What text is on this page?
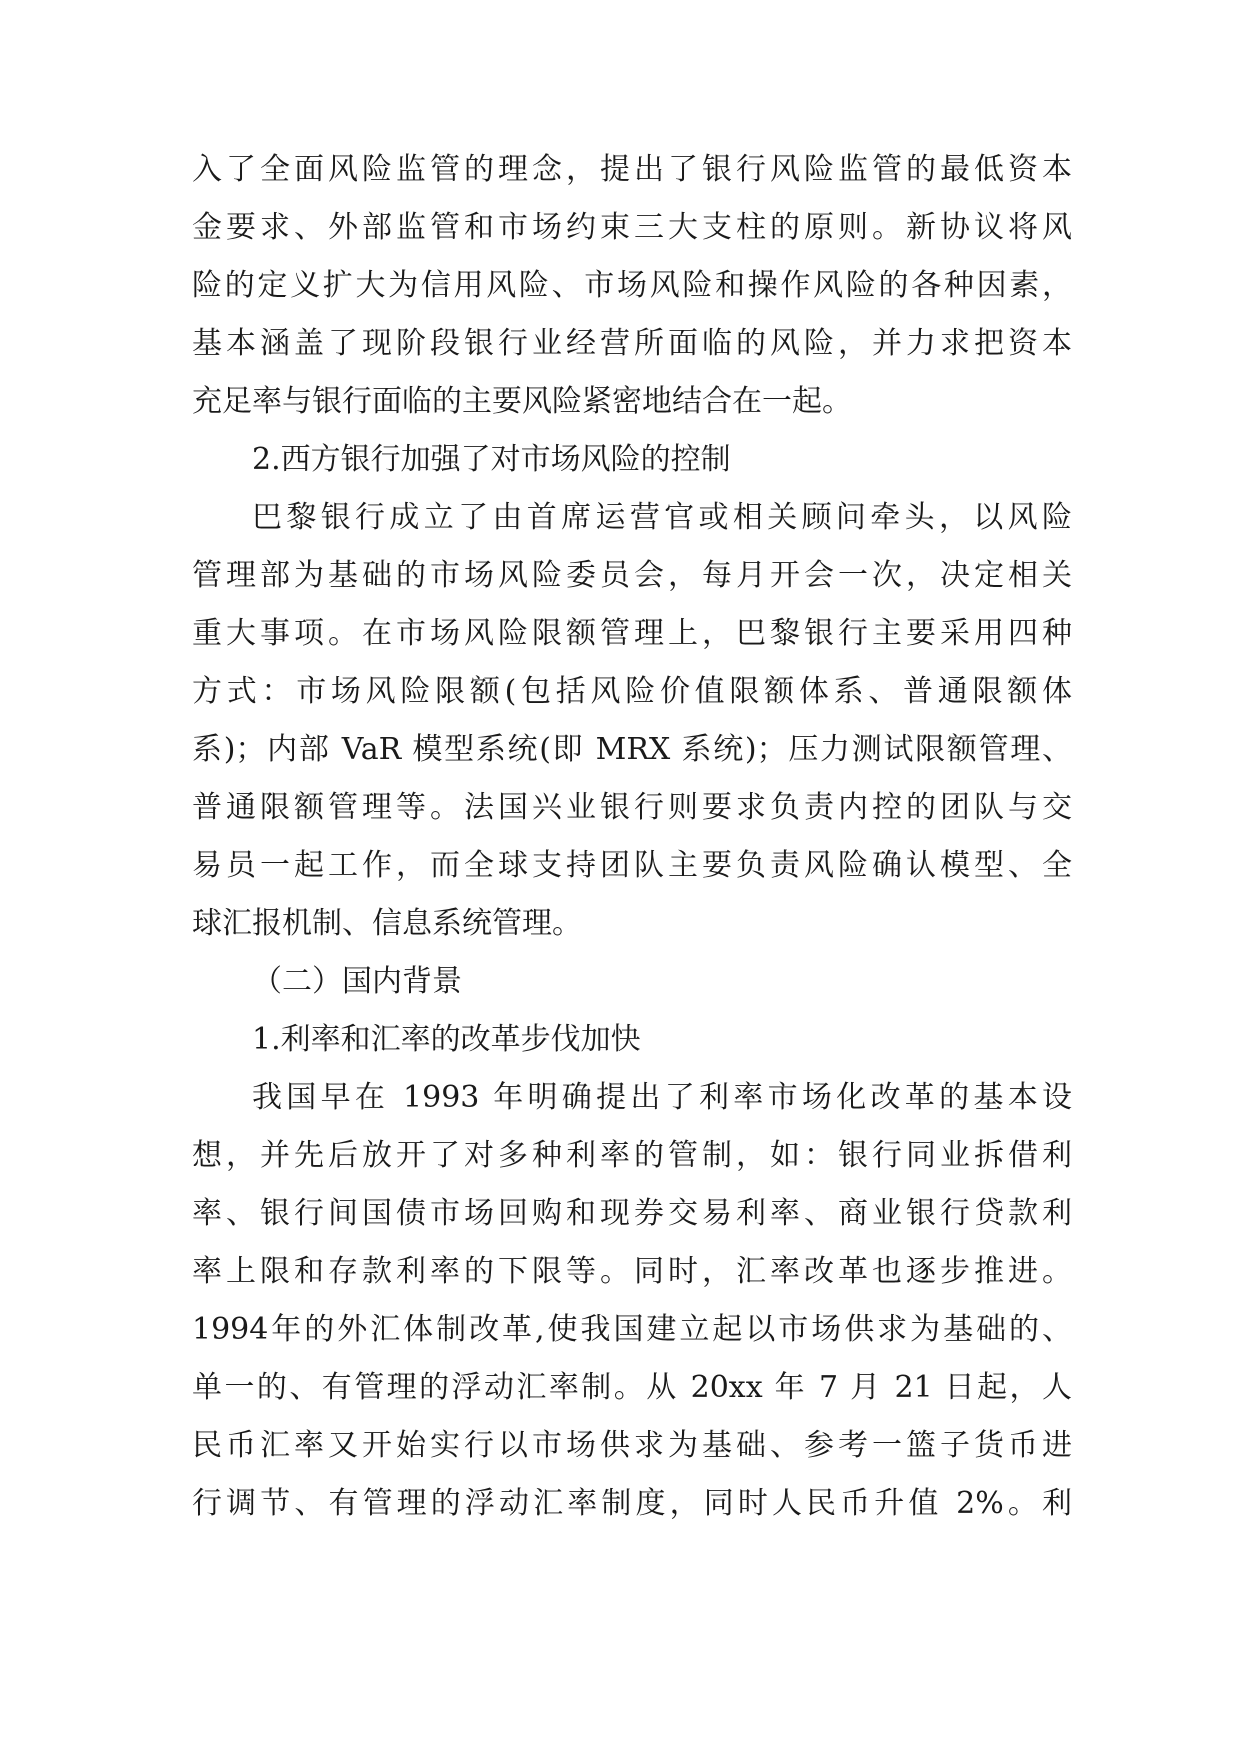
入了全面风险监管的理念，提出了银行风险监管的最低资本
金要求、外部监管和市场约束三大支柱的原则。新协议将风
险的定义扩大为信用风险、市场风险和操作风险的各种因素，
基本涵盖了现阶段银行业经营所面临的风险，并力求把资本
充足率与银行面临的主要风险紧密地结合在一起。
2.西方银行加强了对市场风险的控制
巴黎银行成立了由首席运营官或相关顾问牵头，以风险
管理部为基础的市场风险委员会，每月开会一次，决定相关
重大事项。在市场风险限额管理上，巴黎银行主要采用四种
方式：市场风险限额(包括风险价值限额体系、普通限额体
系)；内部 VaR 模型系统(即 MRX 系统)；压力测试限额管理、
普通限额管理等。法国兴业银行则要求负责内控的团队与交
易员一起工作，而全球支持团队主要负责风险确认模型、全
球汇报机制、信息系统管理。
（二）国内背景
1.利率和汇率的改革步伐加快
我国早在 1993 年明确提出了利率市场化改革的基本设
想，并先后放开了对多种利率的管制，如：银行同业拆借利
率、银行间国债市场回购和现券交易利率、商业银行贷款利
率上限和存款利率的下限等。同时，汇率改革也逐步推进。
1994年的外汇体制改革,使我国建立起以市场供求为基础的、
单一的、有管理的浮动汇率制。从 20xx 年 7 月 21 日起，人
民币汇率又开始实行以市场供求为基础、参考一篮子货币进
行调节、有管理的浮动汇率制度，同时人民币升值 2%。利
